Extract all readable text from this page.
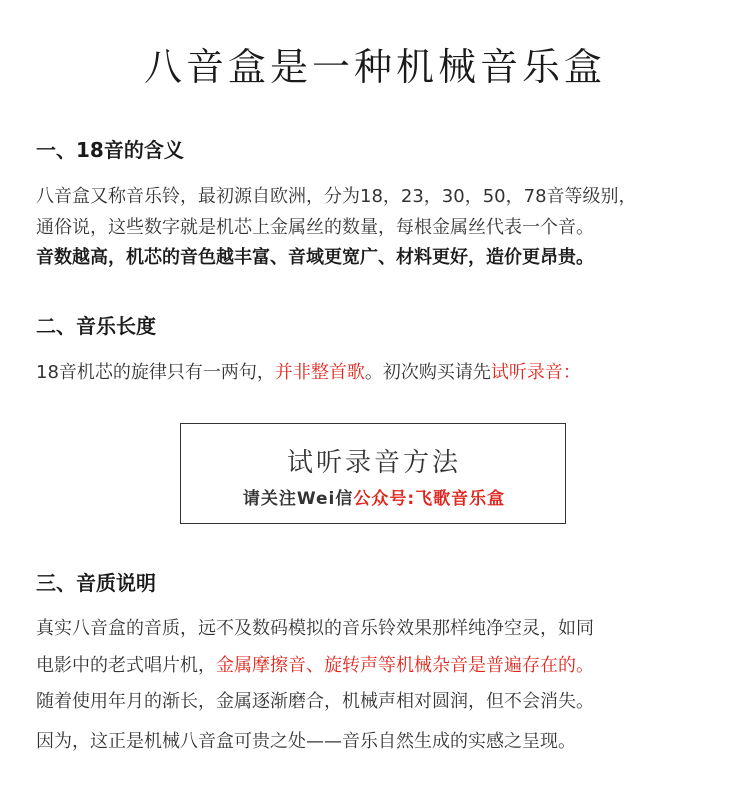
八音盒是一种机械音乐盒
一、18音的含义
八音盒又称音乐铃，最初源自欧洲，分为18，23，30，50，78音等级别，
通俗说，这些数字就是机芯上金属丝的数量，每根金属丝代表一个音。
音数越高，机芯的音色越丰富、音域更宽广、材料更好，造价更昂贵。
二、音乐长度
18音机芯的旋律只有一两句，并非整首歌。初次购买请先试听录音：
试听录音方法
请关注Wei信公众号:飞歌音乐盒
三、音质说明
真实八音盒的音质，远不及数码模拟的音乐铃效果那样纯净空灵，如同
电影中的老式唱片机，金属摩擦音、旋转声等机械杂音是普遍存在的。
随着使用年月的渐长，金属逐渐磨合，机械声相对圆润，但不会消失。
因为，这正是机械八音盒可贵之处——音乐自然生成的实感之呈现。
